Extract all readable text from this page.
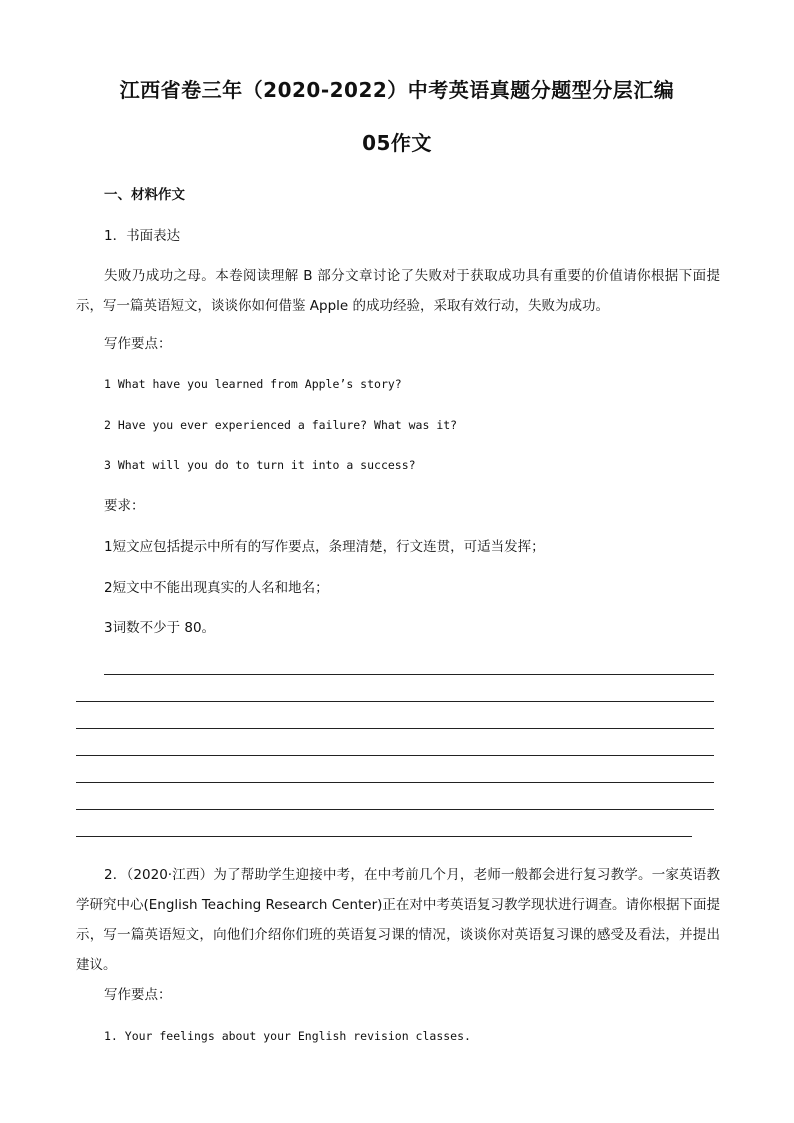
江西省卷三年（2020-2022）中考英语真题分题型分层汇编
05作文
一、材料作文
1．书面表达
失败乃成功之母。本卷阅读理解 B 部分文章讨论了失败对于获取成功具有重要的价值请你根据下面提示，写一篇英语短文，谈谈你如何借鉴 Apple 的成功经验，采取有效行动，失败为成功。
写作要点：
1 What have you learned from Apple’s story?
2 Have you ever experienced a failure? What was it?
3 What will you do to turn it into a success?
要求：
1短文应包括提示中所有的写作要点，条理清楚，行文连贯，可适当发挥；
2短文中不能出现真实的人名和地名；
3词数不少于 80。
2．（2020·江西）为了帮助学生迎接中考，在中考前几个月，老师一般都会进行复习教学。一家英语教学研究中心(English Teaching Research Center)正在对中考英语复习教学现状进行调查。请你根据下面提示，写一篇英语短文，向他们介绍你们班的英语复习课的情况，谈谈你对英语复习课的感受及看法，并提出建议。
写作要点：
1. Your feelings about your English revision classes.
